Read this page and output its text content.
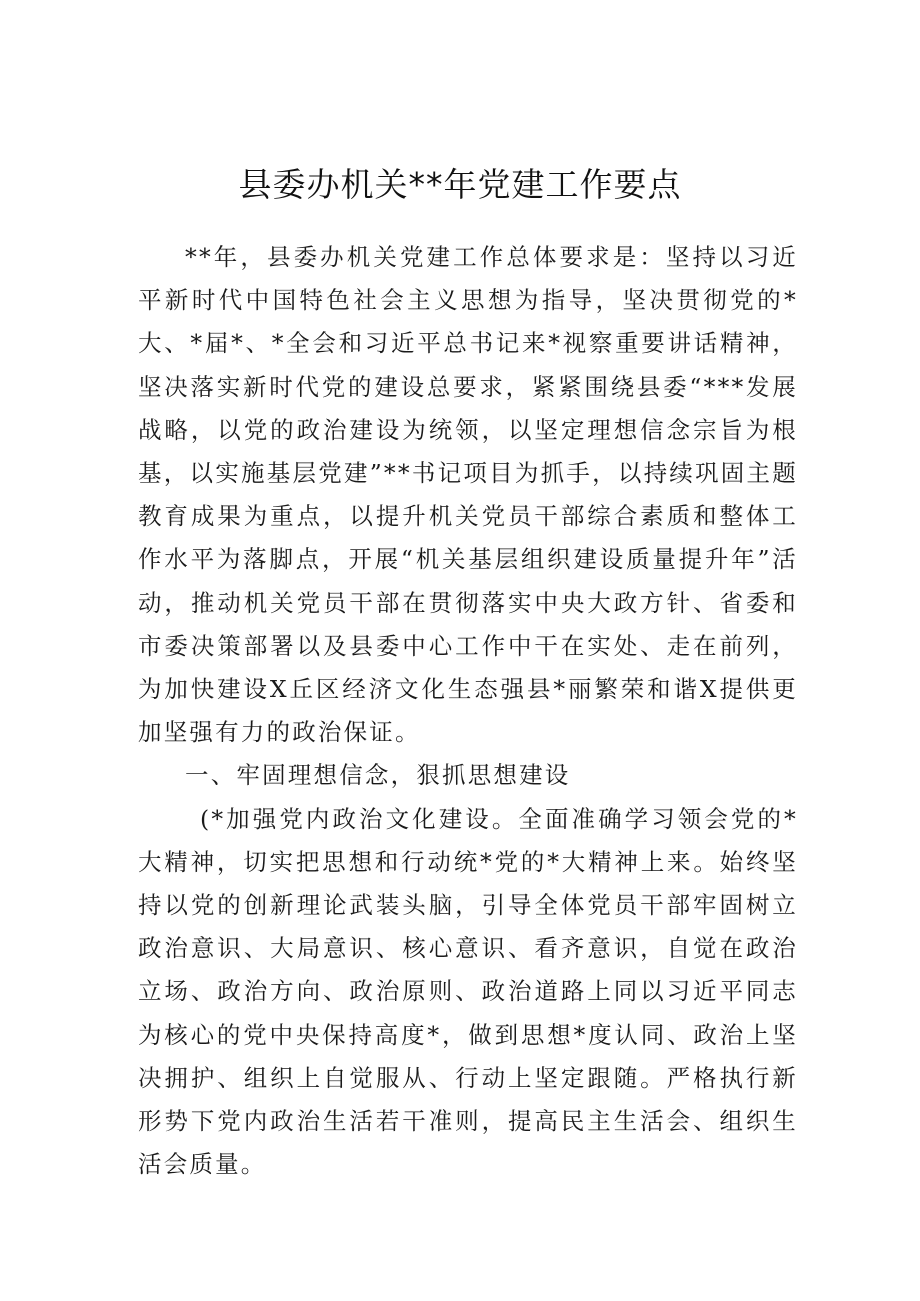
县委办机关**年党建工作要点

**年，县委办机关党建工作总体要求是：坚持以习近平新时代中国特色社会主义思想为指导，坚决贯彻党的*大、*届*、*全会和习近平总书记来*视察重要讲话精神，坚决落实新时代党的建设总要求，紧紧围绕县委“***发展战略，以党的政治建设为统领，以坚定理想信念宗旨为根基，以实施基层党建”**书记项目为抓手，以持续巩固主题教育成果为重点，以提升机关党员干部综合素质和整体工作水平为落脚点，开展“机关基层组织建设质量提升年”活动，推动机关党员干部在贯彻落实中央大政方针、省委和市委决策部署以及县委中心工作中干在实处、走在前列，为加快建设X丘区经济文化生态强县*丽繁荣和谐X提供更加坚强有力的政治保证。

一、牢固理想信念，狠抓思想建设

(*加强党内政治文化建设。全面准确学习领会党的*大精神，切实把思想和行动统*党的*大精神上来。始终坚持以党的创新理论武装头脑，引导全体党员干部牢固树立政治意识、大局意识、核心意识、看齐意识，自觉在政治立场、政治方向、政治原则、政治道路上同以习近平同志为核心的党中央保持高度*，做到思想*度认同、政治上坚决拥护、组织上自觉服从、行动上坚定跟随。严格执行新形势下党内政治生活若干准则，提高民主生活会、组织生活会质量。
